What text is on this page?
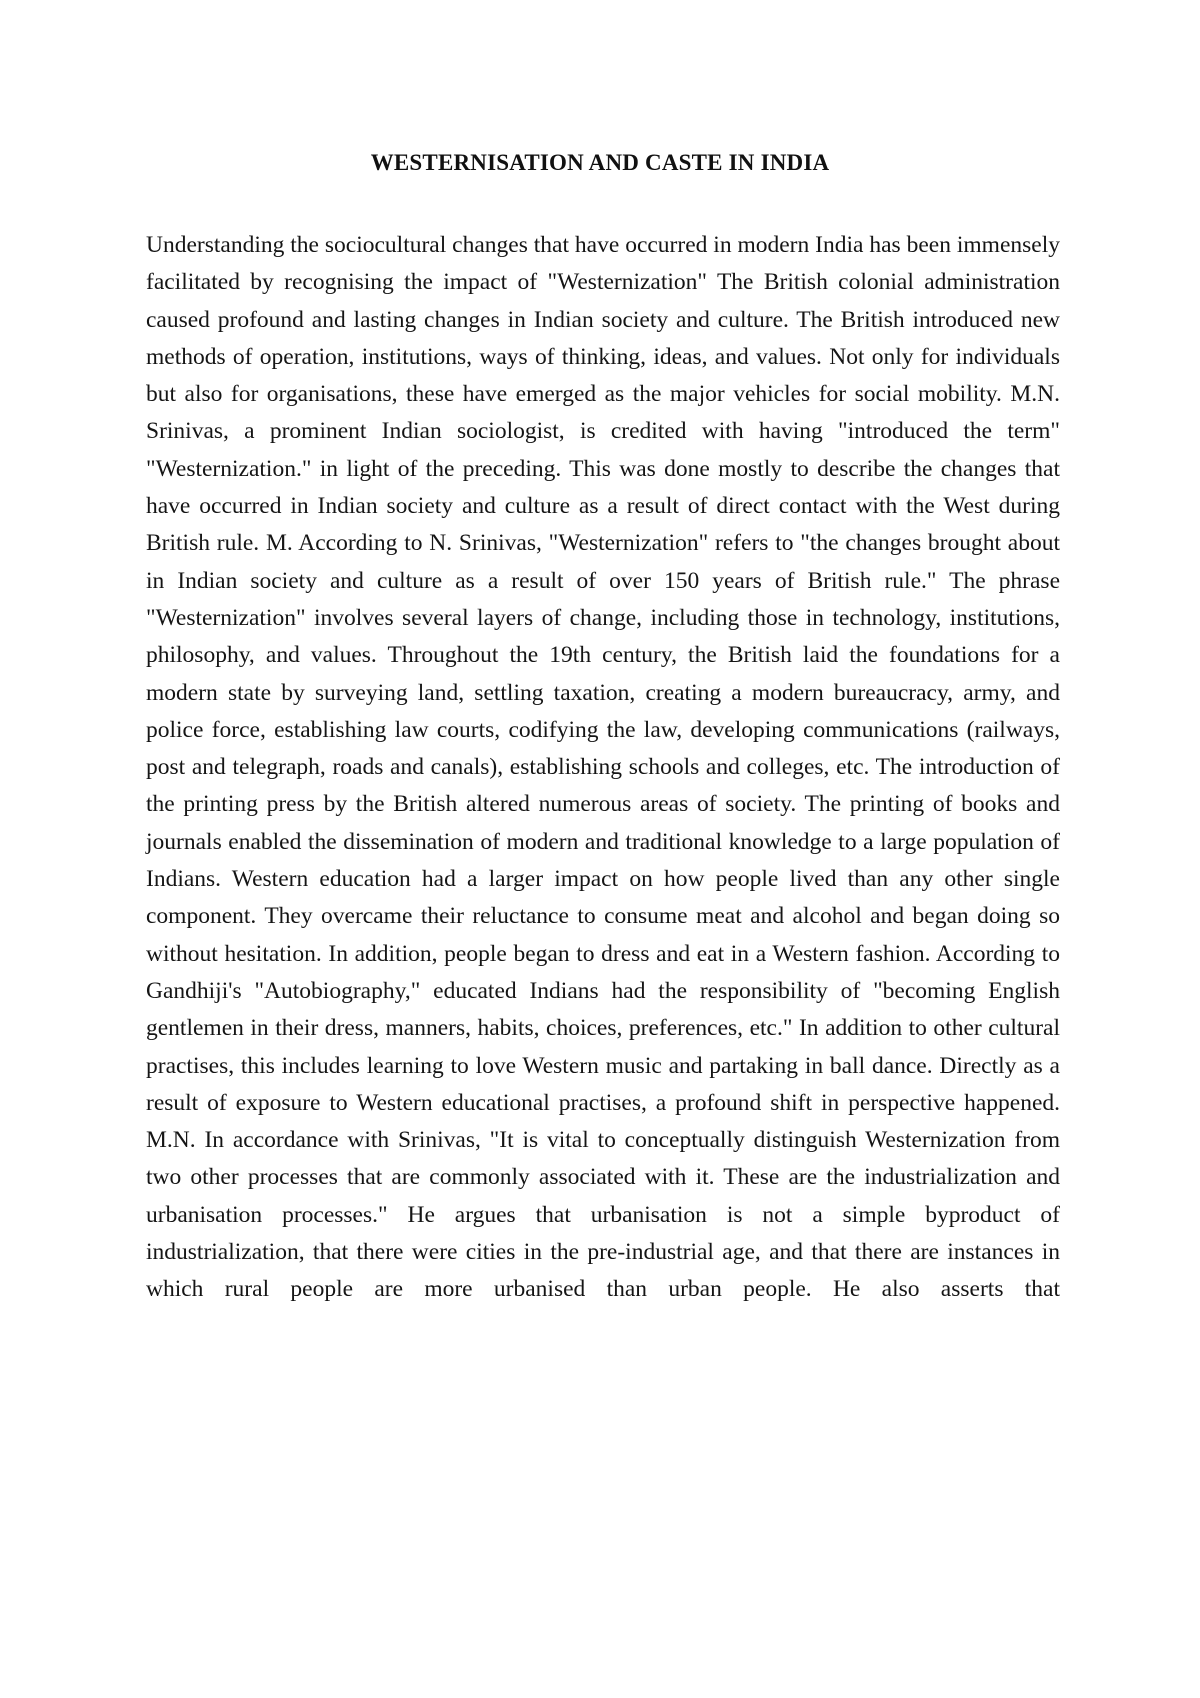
WESTERNISATION AND CASTE IN INDIA

Understanding the sociocultural changes that have occurred in modern India has been immensely facilitated by recognising the impact of "Westernization" The British colonial administration caused profound and lasting changes in Indian society and culture. The British introduced new methods of operation, institutions, ways of thinking, ideas, and values. Not only for individuals but also for organisations, these have emerged as the major vehicles for social mobility. M.N. Srinivas, a prominent Indian sociologist, is credited with having "introduced the term" "Westernization." in light of the preceding. This was done mostly to describe the changes that have occurred in Indian society and culture as a result of direct contact with the West during British rule. M. According to N. Srinivas, "Westernization" refers to "the changes brought about in Indian society and culture as a result of over 150 years of British rule." The phrase "Westernization" involves several layers of change, including those in technology, institutions, philosophy, and values. Throughout the 19th century, the British laid the foundations for a modern state by surveying land, settling taxation, creating a modern bureaucracy, army, and police force, establishing law courts, codifying the law, developing communications (railways, post and telegraph, roads and canals), establishing schools and colleges, etc. The introduction of the printing press by the British altered numerous areas of society. The printing of books and journals enabled the dissemination of modern and traditional knowledge to a large population of Indians. Western education had a larger impact on how people lived than any other single component. They overcame their reluctance to consume meat and alcohol and began doing so without hesitation. In addition, people began to dress and eat in a Western fashion. According to Gandhiji's "Autobiography," educated Indians had the responsibility of "becoming English gentlemen in their dress, manners, habits, choices, preferences, etc." In addition to other cultural practises, this includes learning to love Western music and partaking in ball dance. Directly as a result of exposure to Western educational practises, a profound shift in perspective happened. M.N. In accordance with Srinivas, "It is vital to conceptually distinguish Westernization from two other processes that are commonly associated with it. These are the industrialization and urbanisation processes." He argues that urbanisation is not a simple byproduct of industrialization, that there were cities in the pre-industrial age, and that there are instances in which rural people are more urbanised than urban people. He also asserts that
